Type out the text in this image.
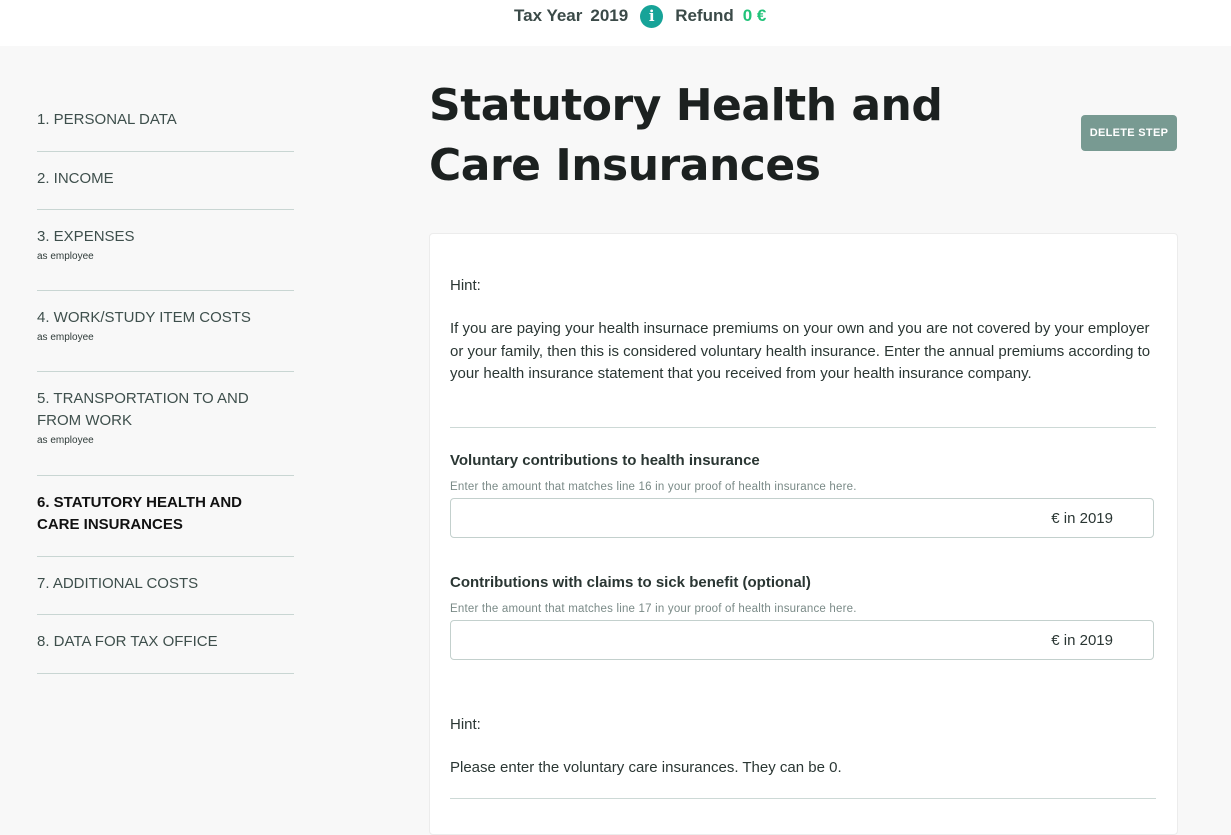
Tax Year 2019	i	Refund 0 €
1. PERSONAL DATA
2. INCOME
3. EXPENSES
as employee
4. WORK/STUDY ITEM COSTS
as employee
5. TRANSPORTATION TO AND FROM WORK
as employee
6. STATUTORY HEALTH AND CARE INSURANCES
7. ADDITIONAL COSTS
8. DATA FOR TAX OFFICE
Statutory Health and Care Insurances
DELETE STEP
Hint:
If you are paying your health insurnace premiums on your own and you are not covered by your employer or your family, then this is considered voluntary health insurance. Enter the annual premiums according to your health insurance statement that you received from your health insurance company.
Voluntary contributions to health insurance
Enter the amount that matches line 16 in your proof of health insurance here.
€ in 2019
Contributions with claims to sick benefit (optional)
Enter the amount that matches line 17 in your proof of health insurance here.
€ in 2019
Hint:
Please enter the voluntary care insurances. They can be 0.
